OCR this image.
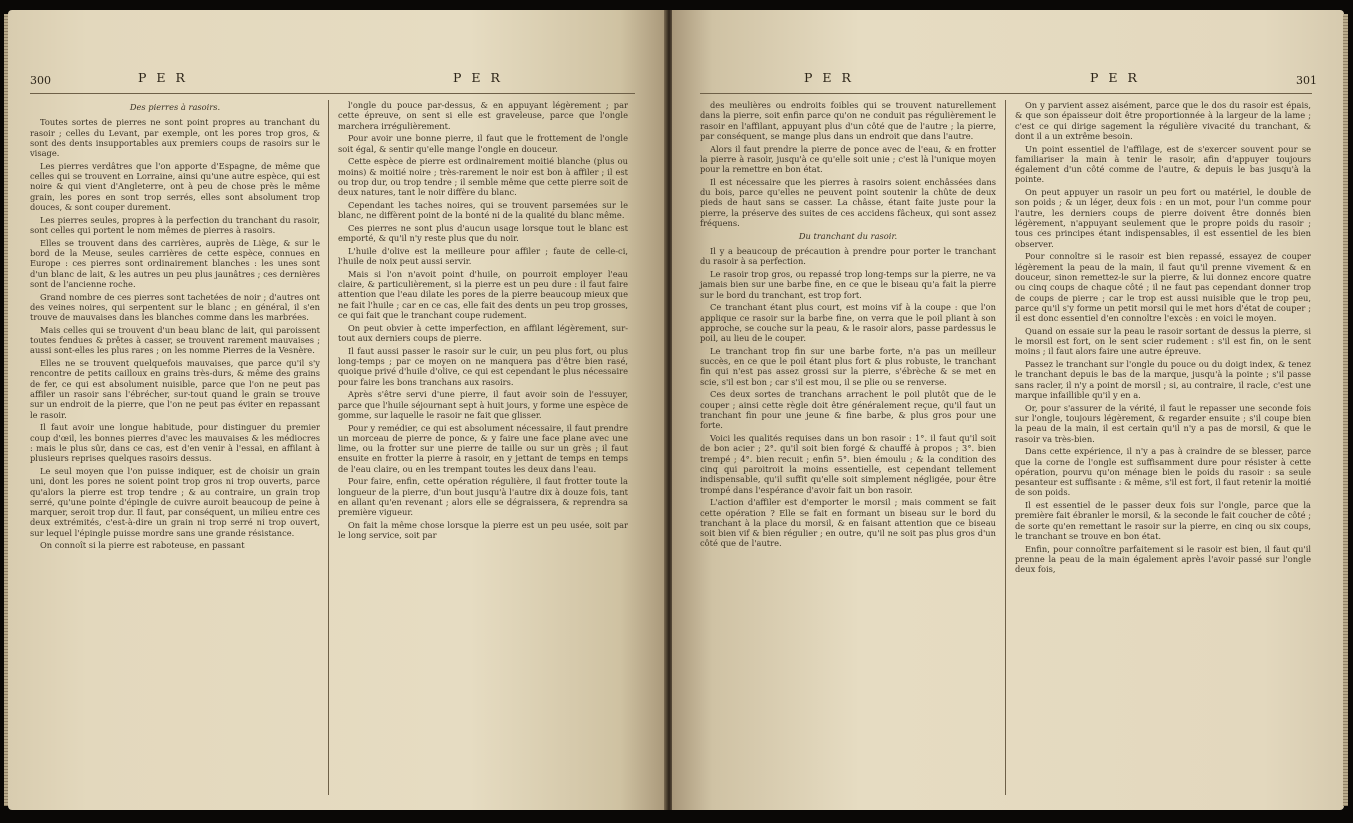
300	P E R	P E R

Des pierres à rasoirs.

Toutes sortes de pierres ne sont point propres au tranchant du rasoir ; celles du Levant, par exemple, ont les pores trop gros, & sont des dents insupportables aux premiers coups de rasoirs sur le visage.

Les pierres verdâtres que l'on apporte d'Espagne, de même que celles qui se trouvent en Lorraine, ainsi qu'une autre espèce, qui est noire & qui vient d'Angleterre, ont à peu de chose près le même grain, les pores en sont trop serrés, elles sont absolument trop douces, & sont couper durement.

Les pierres seules, propres à la perfection du tranchant du rasoir, sont celles qui portent le nom mêmes de pierres à rasoirs.

Elles se trouvent dans des carrières, auprès de Liège, & sur le bord de la Meuse, seules carrières de cette espèce, connues en Europe : ces pierres sont ordinairement blanches : les unes sont d'un blanc de lait, & les autres un peu plus jaunâtres ; ces dernières sont de l'ancienne roche.

Grand nombre de ces pierres sont tachetées de noir ; d'autres ont des veines noires, qui serpentent sur le blanc ; en général, il s'en trouve de mauvaises dans les blanches comme dans les marbrées.

Mais celles qui se trouvent d'un beau blanc de lait, qui paroissent toutes fendues & prêtes à casser, se trouvent rarement mauvaises ; aussi sont-elles les plus rares ; on les nomme Pierres de la Vesnère.

Elles ne se trouvent quelquefois mauvaises, que parce qu'il s'y rencontre de petits cailloux en grains très-durs, & même des grains de fer, ce qui est absolument nuisible, parce que l'on ne peut pas affiler un rasoir sans l'ébrécher, sur-tout quand le grain se trouve sur un endroit de la pierre, que l'on ne peut pas éviter en repassant le rasoir.

Il faut avoir une longue habitude, pour distinguer du premier coup d'œil, les bonnes pierres d'avec les mauvaises & les médiocres : mais le plus sûr, dans ce cas, est d'en venir à l'essai, en affilant à plusieurs reprises quelques rasoirs dessus.

Le seul moyen que l'on puisse indiquer, est de choisir un grain uni, dont les pores ne soient point trop gros ni trop ouverts, parce qu'alors la pierre est trop tendre ; & au contraire, un grain trop serré, qu'une pointe d'épingle de cuivre auroit beaucoup de peine à marquer, seroit trop dur. Il faut, par conséquent, un milieu entre ces deux extrémités, c'est-à-dire un grain ni trop serré ni trop ouvert, sur lequel l'épingle puisse mordre sans une grande résistance.

On connoît si la pierre est raboteuse, en passant

l'ongle du pouce par-dessus, & en appuyant légèrement ; par cette épreuve, on sent si elle est graveleuse, parce que l'ongle marchera irrégulièrement.

Pour avoir une bonne pierre, il faut que le frottement de l'ongle soit égal, & sentir qu'elle mange l'ongle en douceur.

Cette espèce de pierre est ordinairement moitié blanche (plus ou moins) & moitié noire ; très-rarement le noir est bon à affiler ; il est ou trop dur, ou trop tendre ; il semble même que cette pierre soit de deux natures, tant le noir diffère du blanc.

Cependant les taches noires, qui se trouvent parsemées sur le blanc, ne diffèrent point de la bonté ni de la qualité du blanc même.

Ces pierres ne sont plus d'aucun usage lorsque tout le blanc est emporté, & qu'il n'y reste plus que du noir.

L'huile d'olive est la meilleure pour affiler ; faute de celle-ci, l'huile de noix peut aussi servir.

Mais si l'on n'avoit point d'huile, on pourroit employer l'eau claire, & particulièrement, si la pierre est un peu dure : il faut faire attention que l'eau dilate les pores de la pierre beaucoup mieux que ne fait l'huile ; car en ce cas, elle fait des dents un peu trop grosses, ce qui fait que le tranchant coupe rudement.

On peut obvier à cette imperfection, en affilant légèrement, sur-tout aux derniers coups de pierre.

Il faut aussi passer le rasoir sur le cuir, un peu plus fort, ou plus long-temps ; par ce moyen on ne manquera pas d'être bien rasé, quoique privé d'huile d'olive, ce qui est cependant le plus nécessaire pour faire les bons tranchans aux rasoirs.

Après s'être servi d'une pierre, il faut avoir soin de l'essuyer, parce que l'huile séjournant sept à huit jours, y forme une espèce de gomme, sur laquelle le rasoir ne fait que glisser.

Pour y remédier, ce qui est absolument nécessaire, il faut prendre un morceau de pierre de ponce, & y faire une face plane avec une lime, ou la frotter sur une pierre de taille ou sur un grès ; il faut ensuite en frotter la pierre à rasoir, en y jettant de temps en temps de l'eau claire, ou en les trempant toutes les deux dans l'eau.

Pour faire, enfin, cette opération régulière, il faut frotter toute la longueur de la pierre, d'un bout jusqu'à l'autre dix à douze fois, tant en allant qu'en revenant ; alors elle se dégraissera, & reprendra sa première vigueur.

On fait la même chose lorsque la pierre est un peu usée, soit par le long service, soit par

P E R	P E R	301

des meulières ou endroits foibles qui se trouvent naturellement dans la pierre, soit enfin parce qu'on ne conduit pas régulièrement le rasoir en l'affilant, appuyant plus d'un côté que de l'autre ; la pierre, par conséquent, se mange plus dans un endroit que dans l'autre.

Alors il faut prendre la pierre de ponce avec de l'eau, & en frotter la pierre à rasoir, jusqu'à ce qu'elle soit unie ; c'est là l'unique moyen pour la remettre en bon état.

Il est nécessaire que les pierres à rasoirs soient enchâssées dans du bois, parce qu'elles ne peuvent point soutenir la chûte de deux pieds de haut sans se casser. La châsse, étant faite juste pour la pierre, la préserve des suites de ces accidens fâcheux, qui sont assez fréquens.

Du tranchant du rasoir.

Il y a beaucoup de précaution à prendre pour porter le tranchant du rasoir à sa perfection.

Le rasoir trop gros, ou repassé trop long-temps sur la pierre, ne va jamais bien sur une barbe fine, en ce que le biseau qu'a fait la pierre sur le bord du tranchant, est trop fort.

Ce tranchant étant plus court, est moins vif à la coupe : que l'on applique ce rasoir sur la barbe fine, on verra que le poil pliant à son approche, se couche sur la peau, & le rasoir alors, passe pardessus le poil, au lieu de le couper.

Le tranchant trop fin sur une barbe forte, n'a pas un meilleur succès, en ce que le poil étant plus fort & plus robuste, le tranchant fin qui n'est pas assez grossi sur la pierre, s'ébrèche & se met en scie, s'il est bon ; car s'il est mou, il se plie ou se renverse.

Ces deux sortes de tranchans arrachent le poil plutôt que de le couper ; ainsi cette règle doit être généralement reçue, qu'il faut un tranchant fin pour une jeune & fine barbe, & plus gros pour une forte.

Voici les qualités requises dans un bon rasoir : 1°. il faut qu'il soit de bon acier ; 2°. qu'il soit bien forgé & chauffé à propos ; 3°. bien trempé ; 4°. bien recuit ; enfin 5°. bien émoulu ; & la condition des cinq qui paroitroit la moins essentielle, est cependant tellement indispensable, qu'il suffit qu'elle soit simplement négligée, pour être trompé dans l'espérance d'avoir fait un bon rasoir.

L'action d'affiler est d'emporter le morsil ; mais comment se fait cette opération ? Elle se fait en formant un biseau sur le bord du tranchant à la place du morsil, & en faisant attention que ce biseau soit bien vif & bien régulier ; en outre, qu'il ne soit pas plus gros d'un côté que de l'autre.

On y parvient assez aisément, parce que le dos du rasoir est épais, & que son épaisseur doit être proportionnée à la largeur de la lame ; c'est ce qui dirige sagement la régulière vivacité du tranchant, & dont il a un extrême besoin.

Un point essentiel de l'affilage, est de s'exercer souvent pour se familiariser la main à tenir le rasoir, afin d'appuyer toujours également d'un côté comme de l'autre, & depuis le bas jusqu'à la pointe.

On peut appuyer un rasoir un peu fort ou matériel, le double de son poids ; & un léger, deux fois : en un mot, pour l'un comme pour l'autre, les derniers coups de pierre doivent être donnés bien légèrement, n'appuyant seulement que le propre poids du rasoir ; tous ces principes étant indispensables, il est essentiel de les bien observer.

Pour connoître si le rasoir est bien repassé, essayez de couper légèrement la peau de la main, il faut qu'il prenne vivement & en douceur, sinon remettez-le sur la pierre, & lui donnez encore quatre ou cinq coups de chaque côté ; il ne faut pas cependant donner trop de coups de pierre ; car le trop est aussi nuisible que le trop peu, parce qu'il s'y forme un petit morsil qui le met hors d'état de couper ; il est donc essentiel d'en connoître l'excès : en voici le moyen.

Quand on essaie sur la peau le rasoir sortant de dessus la pierre, si le morsil est fort, on le sent scier rudement : s'il est fin, on le sent moins ; il faut alors faire une autre épreuve.

Passez le tranchant sur l'ongle du pouce ou du doigt index, & tenez le tranchant depuis le bas de la marque, jusqu'à la pointe ; s'il passe sans racler, il n'y a point de morsil ; si, au contraire, il racle, c'est une marque infaillible qu'il y en a.

Or, pour s'assurer de la vérité, il faut le repasser une seconde fois sur l'ongle, toujours légèrement, & regarder ensuite ; s'il coupe bien la peau de la main, il est certain qu'il n'y a pas de morsil, & que le rasoir va très-bien.

Dans cette expérience, il n'y a pas à craindre de se blesser, parce que la corne de l'ongle est suffisamment dure pour résister à cette opération, pourvu qu'on ménage bien le poids du rasoir : sa seule pesanteur est suffisante : & même, s'il est fort, il faut retenir la moitié de son poids.

Il est essentiel de le passer deux fois sur l'ongle, parce que la première fait ébranler le morsil, & la seconde le fait coucher de côté ; de sorte qu'en remettant le rasoir sur la pierre, en cinq ou six coups, le tranchant se trouve en bon état.

Enfin, pour connoître parfaitement si le rasoir est bien, il faut qu'il prenne la peau de la main également après l'avoir passé sur l'ongle deux fois,
